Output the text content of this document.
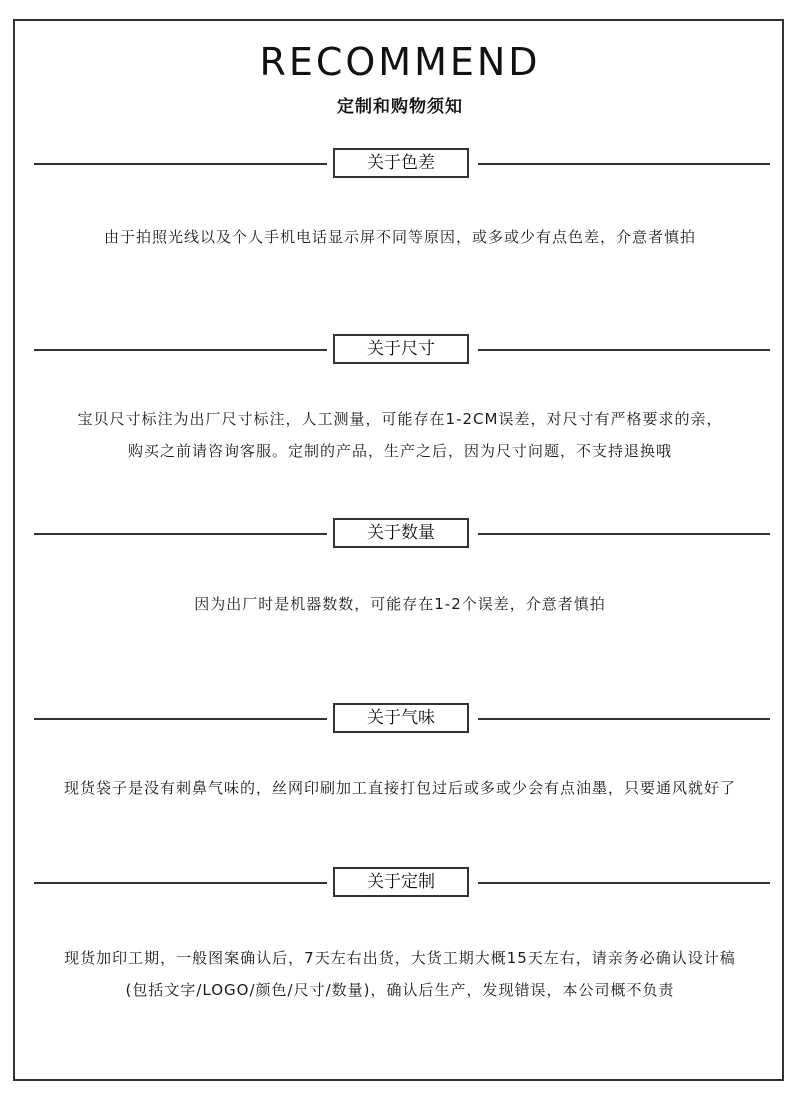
RECOMMEND
定制和购物须知
关于色差
由于拍照光线以及个人手机电话显示屏不同等原因，或多或少有点色差，介意者慎拍
关于尺寸
宝贝尺寸标注为出厂尺寸标注，人工测量，可能存在1-2CM误差，对尺寸有严格要求的亲，
购买之前请咨询客服。定制的产品，生产之后，因为尺寸问题，不支持退换哦
关于数量
因为出厂时是机器数数，可能存在1-2个误差，介意者慎拍
关于气味
现货袋子是没有刺鼻气味的，丝网印刷加工直接打包过后或多或少会有点油墨，只要通风就好了
关于定制
现货加印工期，一般图案确认后，7天左右出货，大货工期大概15天左右，请亲务必确认设计稿
(包括文字/LOGO/颜色/尺寸/数量)，确认后生产，发现错误，本公司概不负责
